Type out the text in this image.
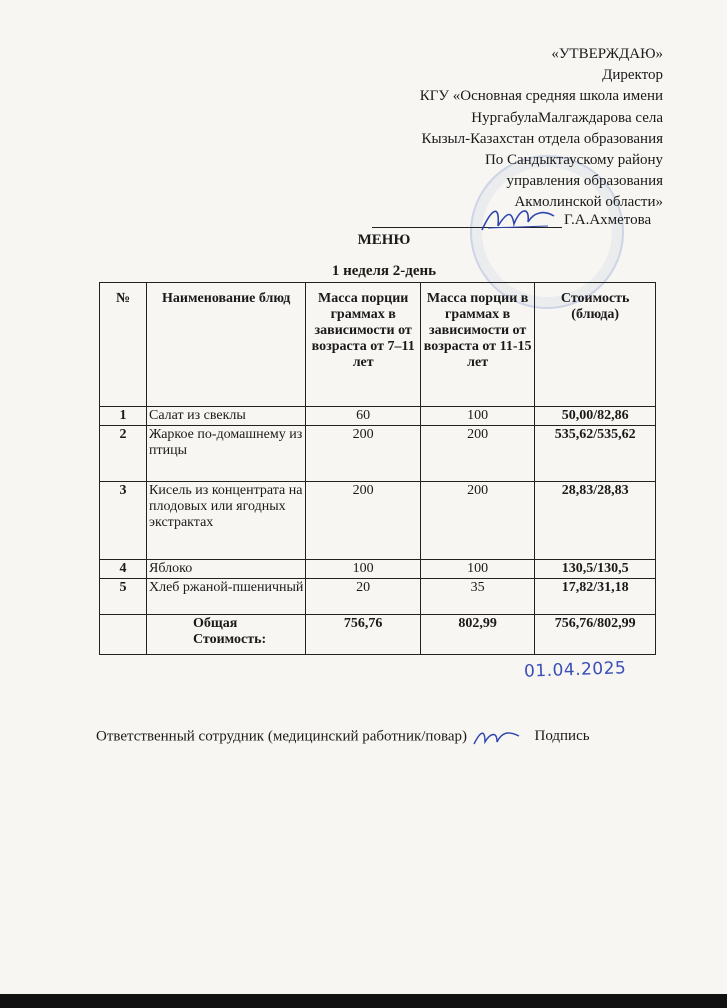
«УТВЕРЖДАЮ»
Директор
КГУ «Основная средняя школа имени
НургабулаМалгаждарова села
Кызыл-Казахстан отдела образования
По Сандыктаускому району
управления образования
Акмолинской области»
Г.А.Ахметова
МЕНЮ
1 неделя 2-день
№	Наименование блюд	Масса порции граммах в зависимости от возраста от 7–11 лет	Масса порции в граммах в зависимости от возраста от 11-15 лет	Стоимость (блюда)
1	Салат из свеклы	60	100	50,00/82,86
2	Жаркое по-домашнему из птицы	200	200	535,62/535,62
3	Кисель из концентрата на плодовых или ягодных экстрактах	200	200	28,83/28,83
4	Яблоко	100	100	130,5/130,5
5	Хлеб ржаной-пшеничный	20	35	17,82/31,18
	Общая Стоимость:	756,76	802,99	756,76/802,99
01.04.2025
Ответственный сотрудник (медицинский работник/повар)	Подпись
